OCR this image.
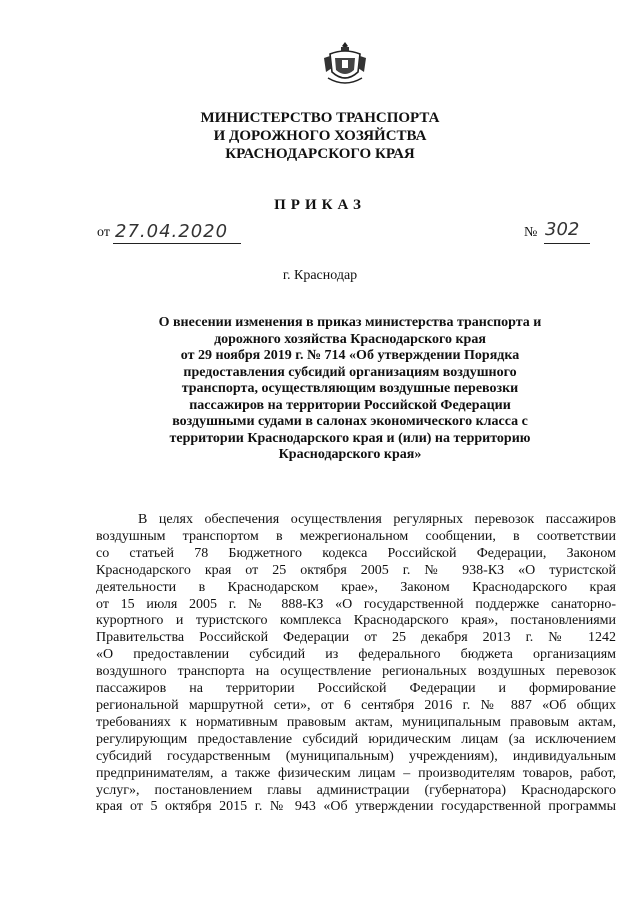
МИНИСТЕРСТВО ТРАНСПОРТА
И ДОРОЖНОГО ХОЗЯЙСТВА
КРАСНОДАРСКОГО КРАЯ
ПРИКАЗ
от 27.04.2020	№ 302
г. Краснодар
О внесении изменения в приказ министерства транспорта и
дорожного хозяйства Краснодарского края
от 29 ноября 2019 г. № 714 «Об утверждении Порядка
предоставления субсидий организациям воздушного
транспорта, осуществляющим воздушные перевозки
пассажиров на территории Российской Федерации
воздушными судами в салонах экономического класса с
территории Краснодарского края и (или) на территорию
Краснодарского края»
В целях обеспечения осуществления регулярных перевозок пассажиров
воздушным транспортом в межрегиональном сообщении, в соответствии
со статьей 78 Бюджетного кодекса Российской Федерации, Законом
Краснодарского края от 25 октября 2005 г. № 938-КЗ «О туристской
деятельности в Краснодарском крае», Законом Краснодарского края
от 15 июля 2005 г. № 888-КЗ «О государственной поддержке санаторно-
курортного и туристского комплекса Краснодарского края», постановлениями
Правительства Российской Федерации от 25 декабря 2013 г. № 1242
«О предоставлении субсидий из федерального бюджета организациям
воздушного транспорта на осуществление региональных воздушных перевозок
пассажиров на территории Российской Федерации и формирование
региональной маршрутной сети», от 6 сентября 2016 г. № 887 «Об общих
требованиях к нормативным правовым актам, муниципальным правовым актам,
регулирующим предоставление субсидий юридическим лицам (за исключением
субсидий государственным (муниципальным) учреждениям), индивидуальным
предпринимателям, а также физическим лицам – производителям товаров, работ,
услуг», постановлением главы администрации (губернатора) Краснодарского
края от 5 октября 2015 г. № 943 «Об утверждении государственной программы
